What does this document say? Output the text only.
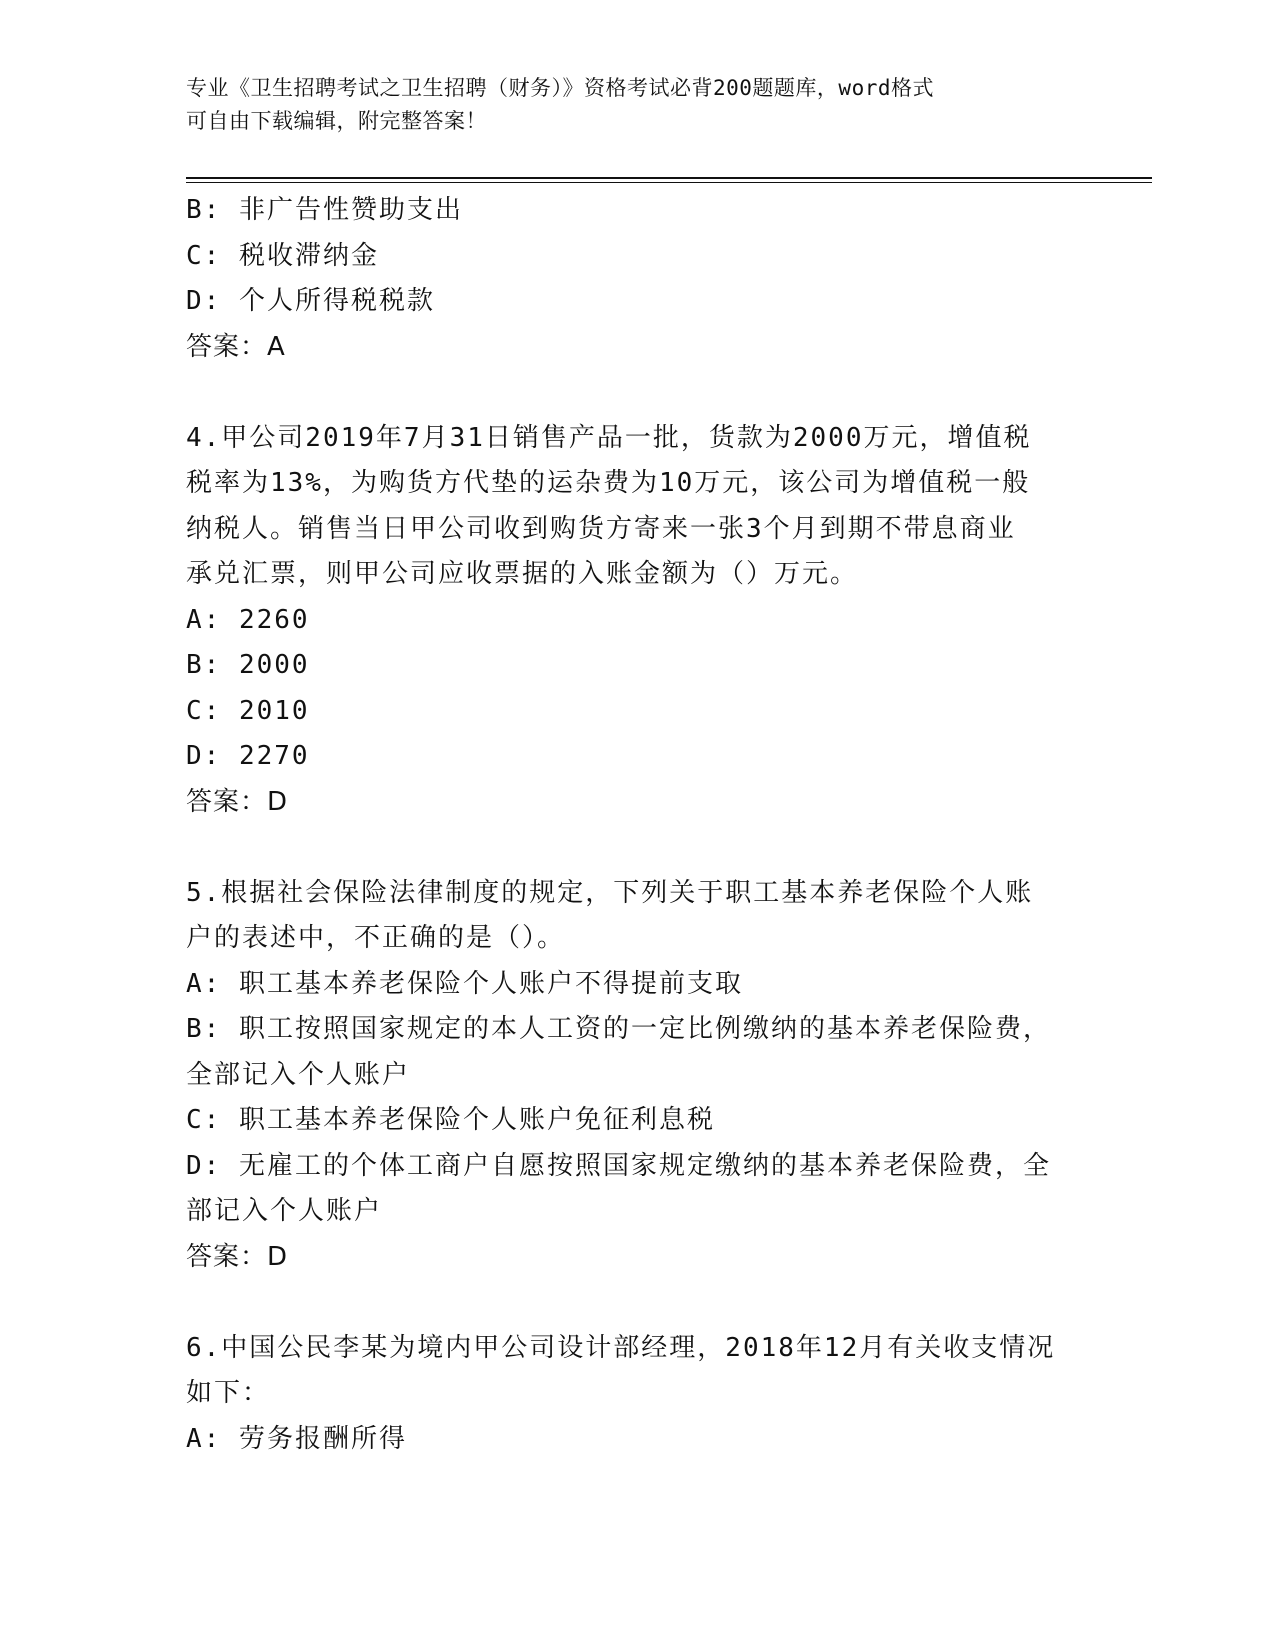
专业《卫生招聘考试之卫生招聘（财务）》资格考试必背200题题库，word格式
可自由下载编辑，附完整答案！
B: 非广告性赞助支出
C: 税收滞纳金
D: 个人所得税税款
答案：A
4.甲公司2019年7月31日销售产品一批，货款为2000万元，增值税
税率为13%，为购货方代垫的运杂费为10万元，该公司为增值税一般
纳税人。销售当日甲公司收到购货方寄来一张3个月到期不带息商业
承兑汇票，则甲公司应收票据的入账金额为（）万元。
A: 2260
B: 2000
C: 2010
D: 2270
答案：D
5.根据社会保险法律制度的规定，下列关于职工基本养老保险个人账
户的表述中，不正确的是（）。
A: 职工基本养老保险个人账户不得提前支取
B: 职工按照国家规定的本人工资的一定比例缴纳的基本养老保险费，
全部记入个人账户
C: 职工基本养老保险个人账户免征利息税
D: 无雇工的个体工商户自愿按照国家规定缴纳的基本养老保险费，全
部记入个人账户
答案：D
6.中国公民李某为境内甲公司设计部经理，2018年12月有关收支情况
如下：
A: 劳务报酬所得
